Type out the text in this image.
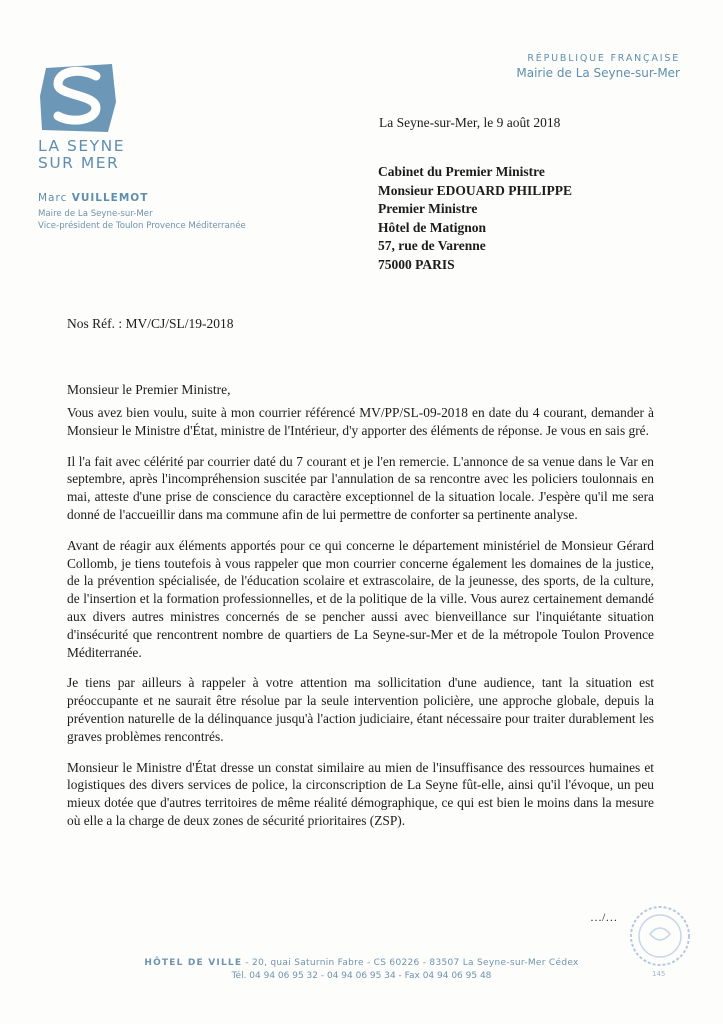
LA SEYNE
SUR MER
Marc VUILLEMOT
Maire de La Seyne-sur-Mer
Vice-président de Toulon Provence Méditerranée
RÉPUBLIQUE FRANÇAISE
Mairie de La Seyne-sur-Mer
La Seyne-sur-Mer, le 9 août 2018
Cabinet du Premier Ministre
Monsieur EDOUARD PHILIPPE
Premier Ministre
Hôtel de Matignon
57, rue de Varenne
75000 PARIS
Nos Réf. : MV/CJ/SL/19-2018
Monsieur le Premier Ministre,

Vous avez bien voulu, suite à mon courrier référencé MV/PP/SL-09-2018 en date du 4 courant, demander à Monsieur le Ministre d'État, ministre de l'Intérieur, d'y apporter des éléments de réponse. Je vous en sais gré.

Il l'a fait avec célérité par courrier daté du 7 courant et je l'en remercie. L'annonce de sa venue dans le Var en septembre, après l'incompréhension suscitée par l'annulation de sa rencontre avec les policiers toulonnais en mai, atteste d'une prise de conscience du caractère exceptionnel de la situation locale. J'espère qu'il me sera donné de l'accueillir dans ma commune afin de lui permettre de conforter sa pertinente analyse.

Avant de réagir aux éléments apportés pour ce qui concerne le département ministériel de Monsieur Gérard Collomb, je tiens toutefois à vous rappeler que mon courrier concerne également les domaines de la justice, de la prévention spécialisée, de l'éducation scolaire et extrascolaire, de la jeunesse, des sports, de la culture, de l'insertion et la formation professionnelles, et de la politique de la ville. Vous aurez certainement demandé aux divers autres ministres concernés de se pencher aussi avec bienveillance sur l'inquiétante situation d'insécurité que rencontrent nombre de quartiers de La Seyne-sur-Mer et de la métropole Toulon Provence Méditerranée.

Je tiens par ailleurs à rappeler à votre attention ma sollicitation d'une audience, tant la situation est préoccupante et ne saurait être résolue par la seule intervention policière, une approche globale, depuis la prévention naturelle de la délinquance jusqu'à l'action judiciaire, étant nécessaire pour traiter durablement les graves problèmes rencontrés.

Monsieur le Ministre d'État dresse un constat similaire au mien de l'insuffisance des ressources humaines et logistiques des divers services de police, la circonscription de La Seyne fût-elle, ainsi qu'il l'évoque, un peu mieux dotée que d'autres territoires de même réalité démographique, ce qui est bien le moins dans la mesure où elle a la charge de deux zones de sécurité prioritaires (ZSP).

…/…
145
HÔTEL DE VILLE - 20, quai Saturnin Fabre - CS 60226 - 83507 La Seyne-sur-Mer Cédex
Tél. 04 94 06 95 32 - 04 94 06 95 34 - Fax 04 94 06 95 48
